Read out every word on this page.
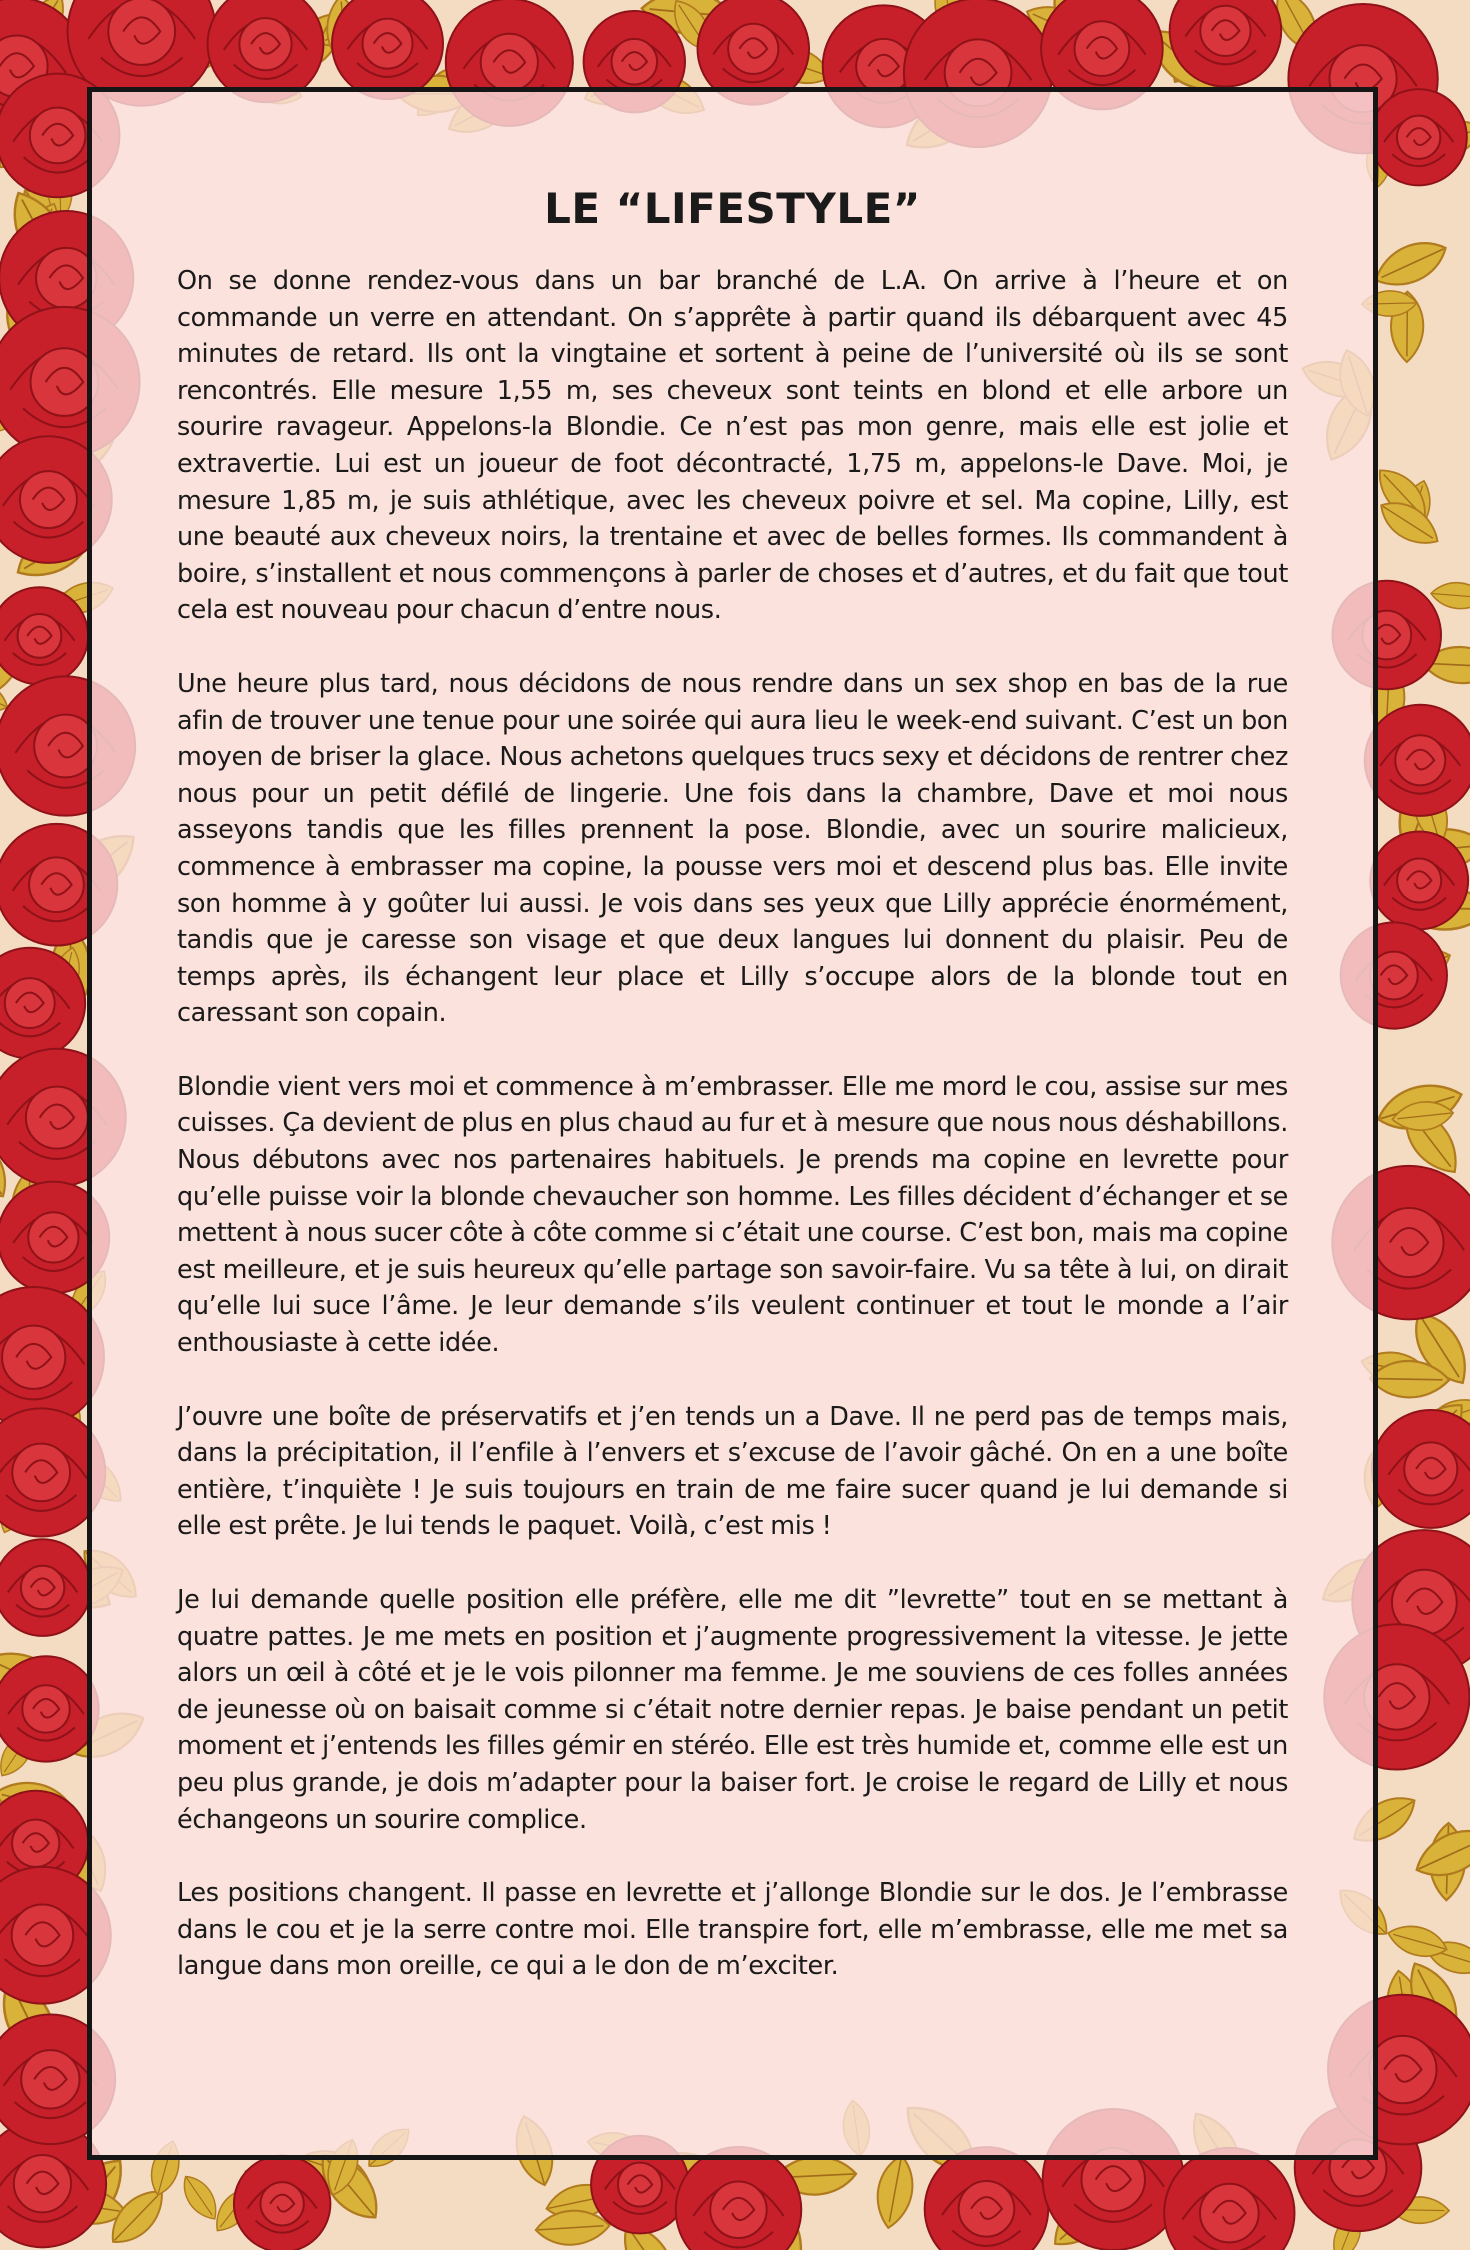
LE “LIFESTYLE”

On se donne rendez-vous dans un bar branché de L.A. On arrive à l’heure et on commande un verre en attendant. On s’apprête à partir quand ils débarquent avec 45 minutes de retard. Ils ont la vingtaine et sortent à peine de l’université où ils se sont rencontrés. Elle mesure 1,55 m, ses cheveux sont teints en blond et elle arbore un sourire ravageur. Appelons-la Blondie. Ce n’est pas mon genre, mais elle est jolie et extravertie. Lui est un joueur de foot décontracté, 1,75 m, appelons-le Dave. Moi, je mesure 1,85 m, je suis athlétique, avec les cheveux poivre et sel. Ma copine, Lilly, est une beauté aux cheveux noirs, la trentaine et avec de belles formes. Ils commandent à boire, s’installent et nous commençons à parler de choses et d’autres, et du fait que tout cela est nouveau pour chacun d’entre nous.

Une heure plus tard, nous décidons de nous rendre dans un sex shop en bas de la rue afin de trouver une tenue pour une soirée qui aura lieu le week-end suivant. C’est un bon moyen de briser la glace. Nous achetons quelques trucs sexy et décidons de rentrer chez nous pour un petit défilé de lingerie. Une fois dans la chambre, Dave et moi nous asseyons tandis que les filles prennent la pose. Blondie, avec un sourire malicieux, commence à embrasser ma copine, la pousse vers moi et descend plus bas. Elle invite son homme à y goûter lui aussi. Je vois dans ses yeux que Lilly apprécie énormément, tandis que je caresse son visage et que deux langues lui donnent du plaisir. Peu de temps après, ils échangent leur place et Lilly s’occupe alors de la blonde tout en caressant son copain.

Blondie vient vers moi et commence à m’embrasser. Elle me mord le cou, assise sur mes cuisses. Ça devient de plus en plus chaud au fur et à mesure que nous nous déshabillons. Nous débutons avec nos partenaires habituels. Je prends ma copine en levrette pour qu’elle puisse voir la blonde chevaucher son homme. Les filles décident d’échanger et se mettent à nous sucer côte à côte comme si c’était une course. C’est bon, mais ma copine est meilleure, et je suis heureux qu’elle partage son savoir-faire. Vu sa tête à lui, on dirait qu’elle lui suce l’âme. Je leur demande s’ils veulent continuer et tout le monde a l’air enthousiaste à cette idée.

J’ouvre une boîte de préservatifs et j’en tends un a Dave. Il ne perd pas de temps mais, dans la précipitation, il l’enfile à l’envers et s’excuse de l’avoir gâché. On en a une boîte entière, t’inquiète ! Je suis toujours en train de me faire sucer quand je lui demande si elle est prête. Je lui tends le paquet. Voilà, c’est mis !

Je lui demande quelle position elle préfère, elle me dit ”levrette” tout en se mettant à quatre pattes. Je me mets en position et j’augmente progressivement la vitesse. Je jette alors un œil à côté et je le vois pilonner ma femme. Je me souviens de ces folles années de jeunesse où on baisait comme si c’était notre dernier repas. Je baise pendant un petit moment et j’entends les filles gémir en stéréo. Elle est très humide et, comme elle est un peu plus grande, je dois m’adapter pour la baiser fort. Je croise le regard de Lilly et nous échangeons un sourire complice.

Les positions changent. Il passe en levrette et j’allonge Blondie sur le dos. Je l’embrasse dans le cou et je la serre contre moi. Elle transpire fort, elle m’embrasse, elle me met sa langue dans mon oreille, ce qui a le don de m’exciter.
